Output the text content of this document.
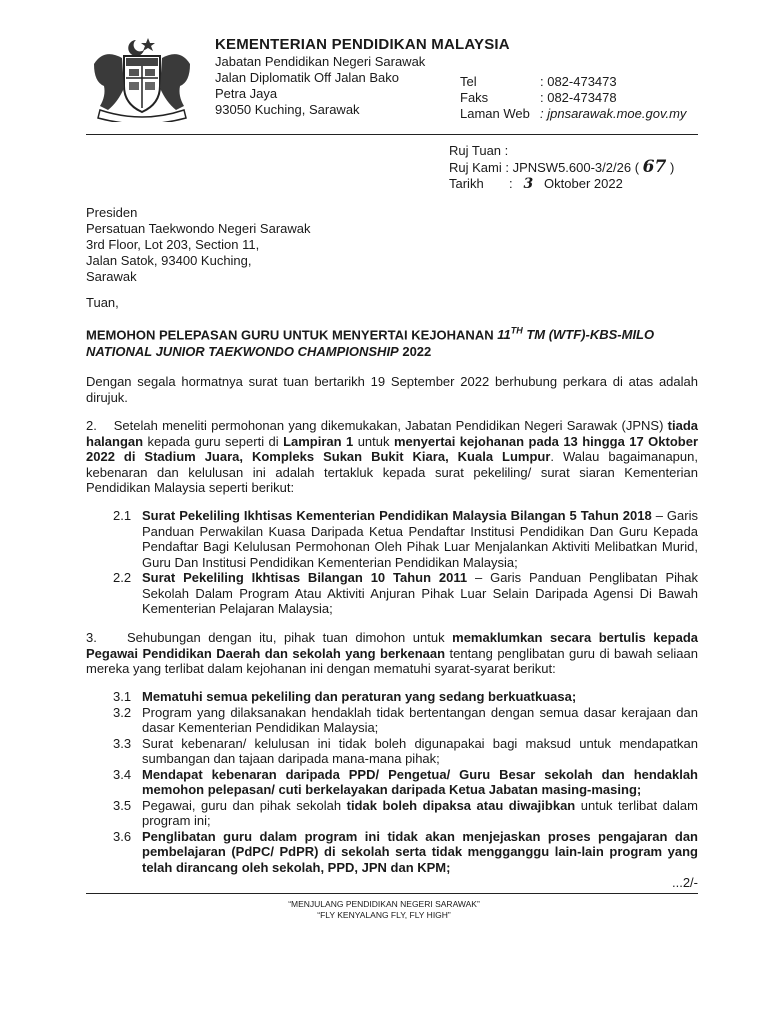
KEMENTERIAN PENDIDIKAN MALAYSIA
Jabatan Pendidikan Negeri Sarawak
Jalan Diplomatik Off Jalan Bako
Petra Jaya
93050 Kuching, Sarawak
Tel	: 082-473473
Faks	: 082-473478
Laman Web : jpnsarawak.moe.gov.my
Ruj Tuan :
Ruj Kami : JPNSW5.600-3/2/26 ( 67 )
Tarikh : 3 Oktober 2022
Presiden
Persatuan Taekwondo Negeri Sarawak
3rd Floor, Lot 203, Section 11,
Jalan Satok, 93400 Kuching,
Sarawak
Tuan,
MEMOHON PELEPASAN GURU UNTUK MENYERTAI KEJOHANAN 11TH TM (WTF)-KBS-MILO NATIONAL JUNIOR TAEKWONDO CHAMPIONSHIP 2022
Dengan segala hormatnya surat tuan bertarikh 19 September 2022 berhubung perkara di atas adalah dirujuk.
2.    Setelah meneliti permohonan yang dikemukakan, Jabatan Pendidikan Negeri Sarawak (JPNS) tiada halangan kepada guru seperti di Lampiran 1 untuk menyertai kejohanan pada 13 hingga 17 Oktober 2022 di Stadium Juara, Kompleks Sukan Bukit Kiara, Kuala Lumpur. Walau bagaimanapun, kebenaran dan kelulusan ini adalah tertakluk kepada surat pekeliling/ surat siaran Kementerian Pendidikan Malaysia seperti berikut:
2.1 Surat Pekeliling Ikhtisas Kementerian Pendidikan Malaysia Bilangan 5 Tahun 2018 – Garis Panduan Perwakilan Kuasa Daripada Ketua Pendaftar Institusi Pendidikan Dan Guru Kepada Pendaftar Bagi Kelulusan Permohonan Oleh Pihak Luar Menjalankan Aktiviti Melibatkan Murid, Guru Dan Institusi Pendidikan Kementerian Pendidikan Malaysia;
2.2 Surat Pekeliling Ikhtisas Bilangan 10 Tahun 2011 – Garis Panduan Penglibatan Pihak Sekolah Dalam Program Atau Aktiviti Anjuran Pihak Luar Selain Daripada Agensi Di Bawah Kementerian Pelajaran Malaysia;
3.    Sehubungan dengan itu, pihak tuan dimohon untuk memaklumkan secara bertulis kepada Pegawai Pendidikan Daerah dan sekolah yang berkenaan tentang penglibatan guru di bawah seliaan mereka yang terlibat dalam kejohanan ini dengan mematuhi syarat-syarat berikut:
3.1 Mematuhi semua pekeliling dan peraturan yang sedang berkuatkuasa;
3.2 Program yang dilaksanakan hendaklah tidak bertentangan dengan semua dasar kerajaan dan dasar Kementerian Pendidikan Malaysia;
3.3 Surat kebenaran/ kelulusan ini tidak boleh digunapakai bagi maksud untuk mendapatkan sumbangan dan tajaan daripada mana-mana pihak;
3.4 Mendapat kebenaran daripada PPD/ Pengetua/ Guru Besar sekolah dan hendaklah memohon pelepasan/ cuti berkelayakan daripada Ketua Jabatan masing-masing;
3.5 Pegawai, guru dan pihak sekolah tidak boleh dipaksa atau diwajibkan untuk terlibat dalam program ini;
3.6 Penglibatan guru dalam program ini tidak akan menjejaskan proses pengajaran dan pembelajaran (PdPC/ PdPR) di sekolah serta tidak mengganggu lain-lain program yang telah dirancang oleh sekolah, PPD, JPN dan KPM;
...2/-
“MENJULANG PENDIDIKAN NEGERI SARAWAK”
“FLY KENYALANG FLY, FLY HIGH”
